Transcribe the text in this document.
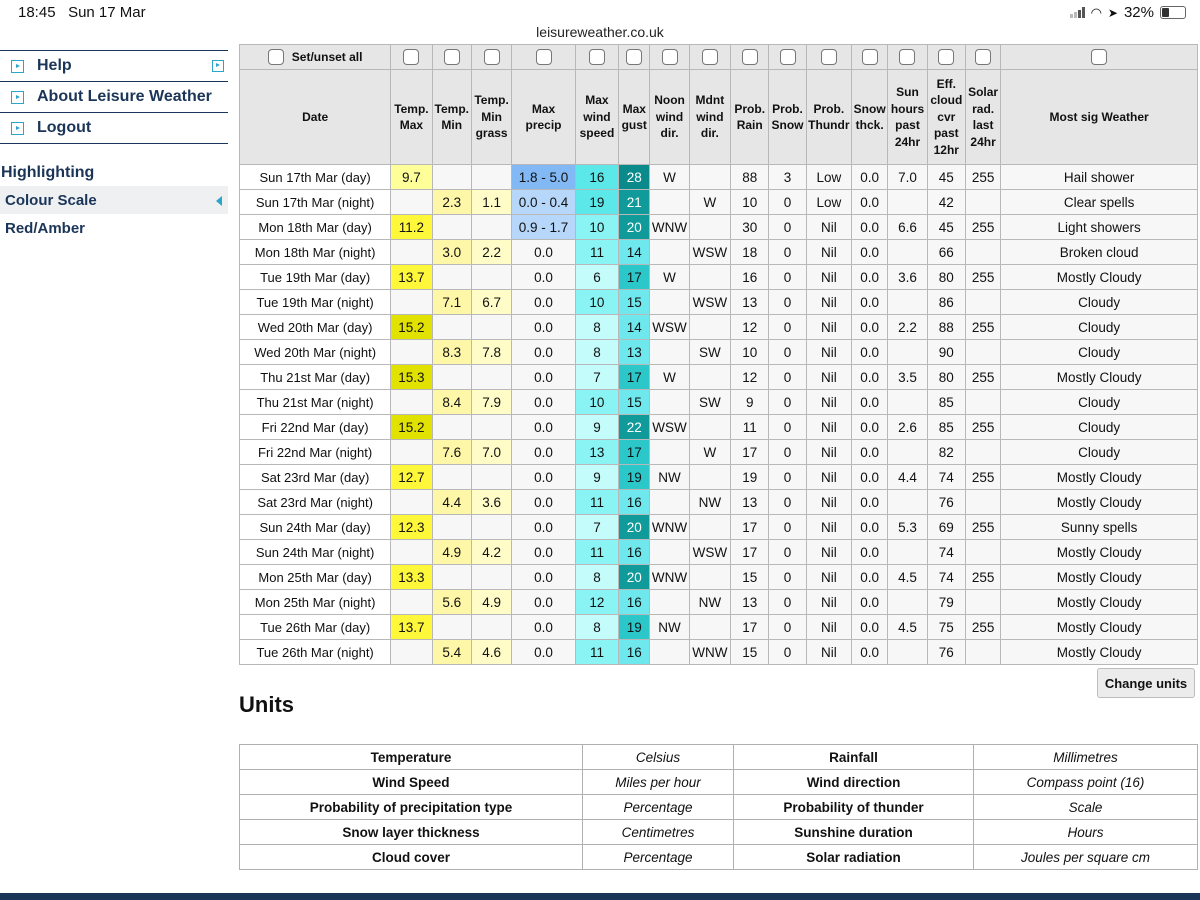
18:45 Sun 17 Mar	◠ ➤ 32%
leisureweather.co.uk
Help
About Leisure Weather
Logout
Highlighting
Colour Scale
Red/Amber
Set/unset all																
Date	Temp. Max	Temp. Min	Temp. Min grass	Max precip	Max wind speed	Max gust	Noon wind dir.	Mdnt wind dir.	Prob. Rain	Prob. Snow	Prob. Thundr	Snow thck.	Sun hours past 24hr	Eff. cloud cvr past 12hr	Solar rad. last 24hr	Most sig Weather
Sun 17th Mar (day)	9.7			1.8 - 5.0	16	28	W		88	3	Low	0.0	7.0	45	255	Hail shower
Sun 17th Mar (night)		2.3	1.1	0.0 - 0.4	19	21		W	10	0	Low	0.0		42		Clear spells
Mon 18th Mar (day)	11.2			0.9 - 1.7	10	20	WNW		30	0	Nil	0.0	6.6	45	255	Light showers
Mon 18th Mar (night)		3.0	2.2	0.0	11	14		WSW	18	0	Nil	0.0		66		Broken cloud
Tue 19th Mar (day)	13.7			0.0	6	17	W		16	0	Nil	0.0	3.6	80	255	Mostly Cloudy
Tue 19th Mar (night)		7.1	6.7	0.0	10	15		WSW	13	0	Nil	0.0		86		Cloudy
Wed 20th Mar (day)	15.2			0.0	8	14	WSW		12	0	Nil	0.0	2.2	88	255	Cloudy
Wed 20th Mar (night)		8.3	7.8	0.0	8	13		SW	10	0	Nil	0.0		90		Cloudy
Thu 21st Mar (day)	15.3			0.0	7	17	W		12	0	Nil	0.0	3.5	80	255	Mostly Cloudy
Thu 21st Mar (night)		8.4	7.9	0.0	10	15		SW	9	0	Nil	0.0		85		Cloudy
Fri 22nd Mar (day)	15.2			0.0	9	22	WSW		11	0	Nil	0.0	2.6	85	255	Cloudy
Fri 22nd Mar (night)		7.6	7.0	0.0	13	17		W	17	0	Nil	0.0		82		Cloudy
Sat 23rd Mar (day)	12.7			0.0	9	19	NW		19	0	Nil	0.0	4.4	74	255	Mostly Cloudy
Sat 23rd Mar (night)		4.4	3.6	0.0	11	16		NW	13	0	Nil	0.0		76		Mostly Cloudy
Sun 24th Mar (day)	12.3			0.0	7	20	WNW		17	0	Nil	0.0	5.3	69	255	Sunny spells
Sun 24th Mar (night)		4.9	4.2	0.0	11	16		WSW	17	0	Nil	0.0		74		Mostly Cloudy
Mon 25th Mar (day)	13.3			0.0	8	20	WNW		15	0	Nil	0.0	4.5	74	255	Mostly Cloudy
Mon 25th Mar (night)		5.6	4.9	0.0	12	16		NW	13	0	Nil	0.0		79		Mostly Cloudy
Tue 26th Mar (day)	13.7			0.0	8	19	NW		17	0	Nil	0.0	4.5	75	255	Mostly Cloudy
Tue 26th Mar (night)		5.4	4.6	0.0	11	16		WNW	15	0	Nil	0.0		76		Mostly Cloudy
Change units
Units
Temperature	Celsius	Rainfall	Millimetres
Wind Speed	Miles per hour	Wind direction	Compass point (16)
Probability of precipitation type	Percentage	Probability of thunder	Scale
Snow layer thickness	Centimetres	Sunshine duration	Hours
Cloud cover	Percentage	Solar radiation	Joules per square cm
